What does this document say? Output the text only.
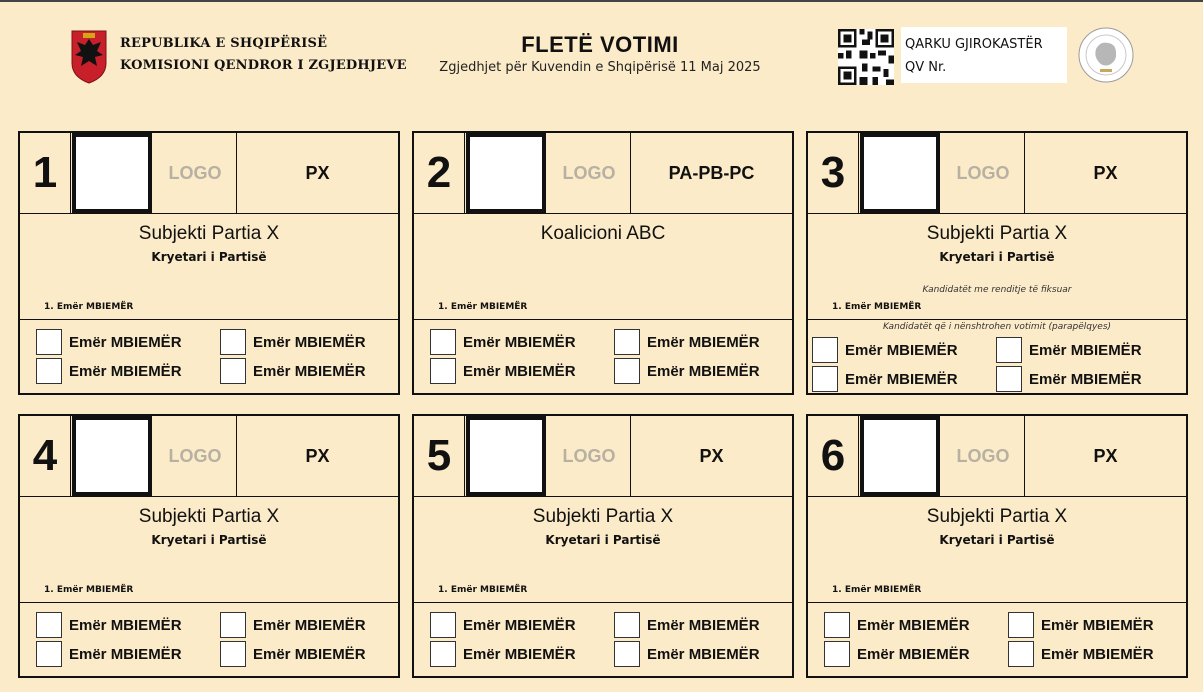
REPUBLIKA E SHQIPËRISË
KOMISIONI QENDROR I ZGJEDHJEVE
FLETË VOTIMI
Zgjedhjet për Kuvendin e Shqipërisë 11 Maj 2025
QARKU GJIROKASTËR
QV Nr.
1	LOGO	PX
Subjekti Partia X
Kryetari i Partisë
1. Emër MBIEMËR
Emër MBIEMËR	Emër MBIEMËR
Emër MBIEMËR	Emër MBIEMËR
2	LOGO	PA-PB-PC
Koalicioni ABC
1. Emër MBIEMËR
Emër MBIEMËR	Emër MBIEMËR
Emër MBIEMËR	Emër MBIEMËR
3	LOGO	PX
Subjekti Partia X
Kryetari i Partisë
Kandidatët me renditje të fiksuar
1. Emër MBIEMËR
Kandidatët që i nënshtrohen votimit (parapëlqyes)
Emër MBIEMËR	Emër MBIEMËR
Emër MBIEMËR	Emër MBIEMËR
4	LOGO	PX
Subjekti Partia X
Kryetari i Partisë
1. Emër MBIEMËR
Emër MBIEMËR	Emër MBIEMËR
Emër MBIEMËR	Emër MBIEMËR
5	LOGO	PX
Subjekti Partia X
Kryetari i Partisë
1. Emër MBIEMËR
Emër MBIEMËR	Emër MBIEMËR
Emër MBIEMËR	Emër MBIEMËR
6	LOGO	PX
Subjekti Partia X
Kryetari i Partisë
1. Emër MBIEMËR
Emër MBIEMËR	Emër MBIEMËR
Emër MBIEMËR	Emër MBIEMËR
